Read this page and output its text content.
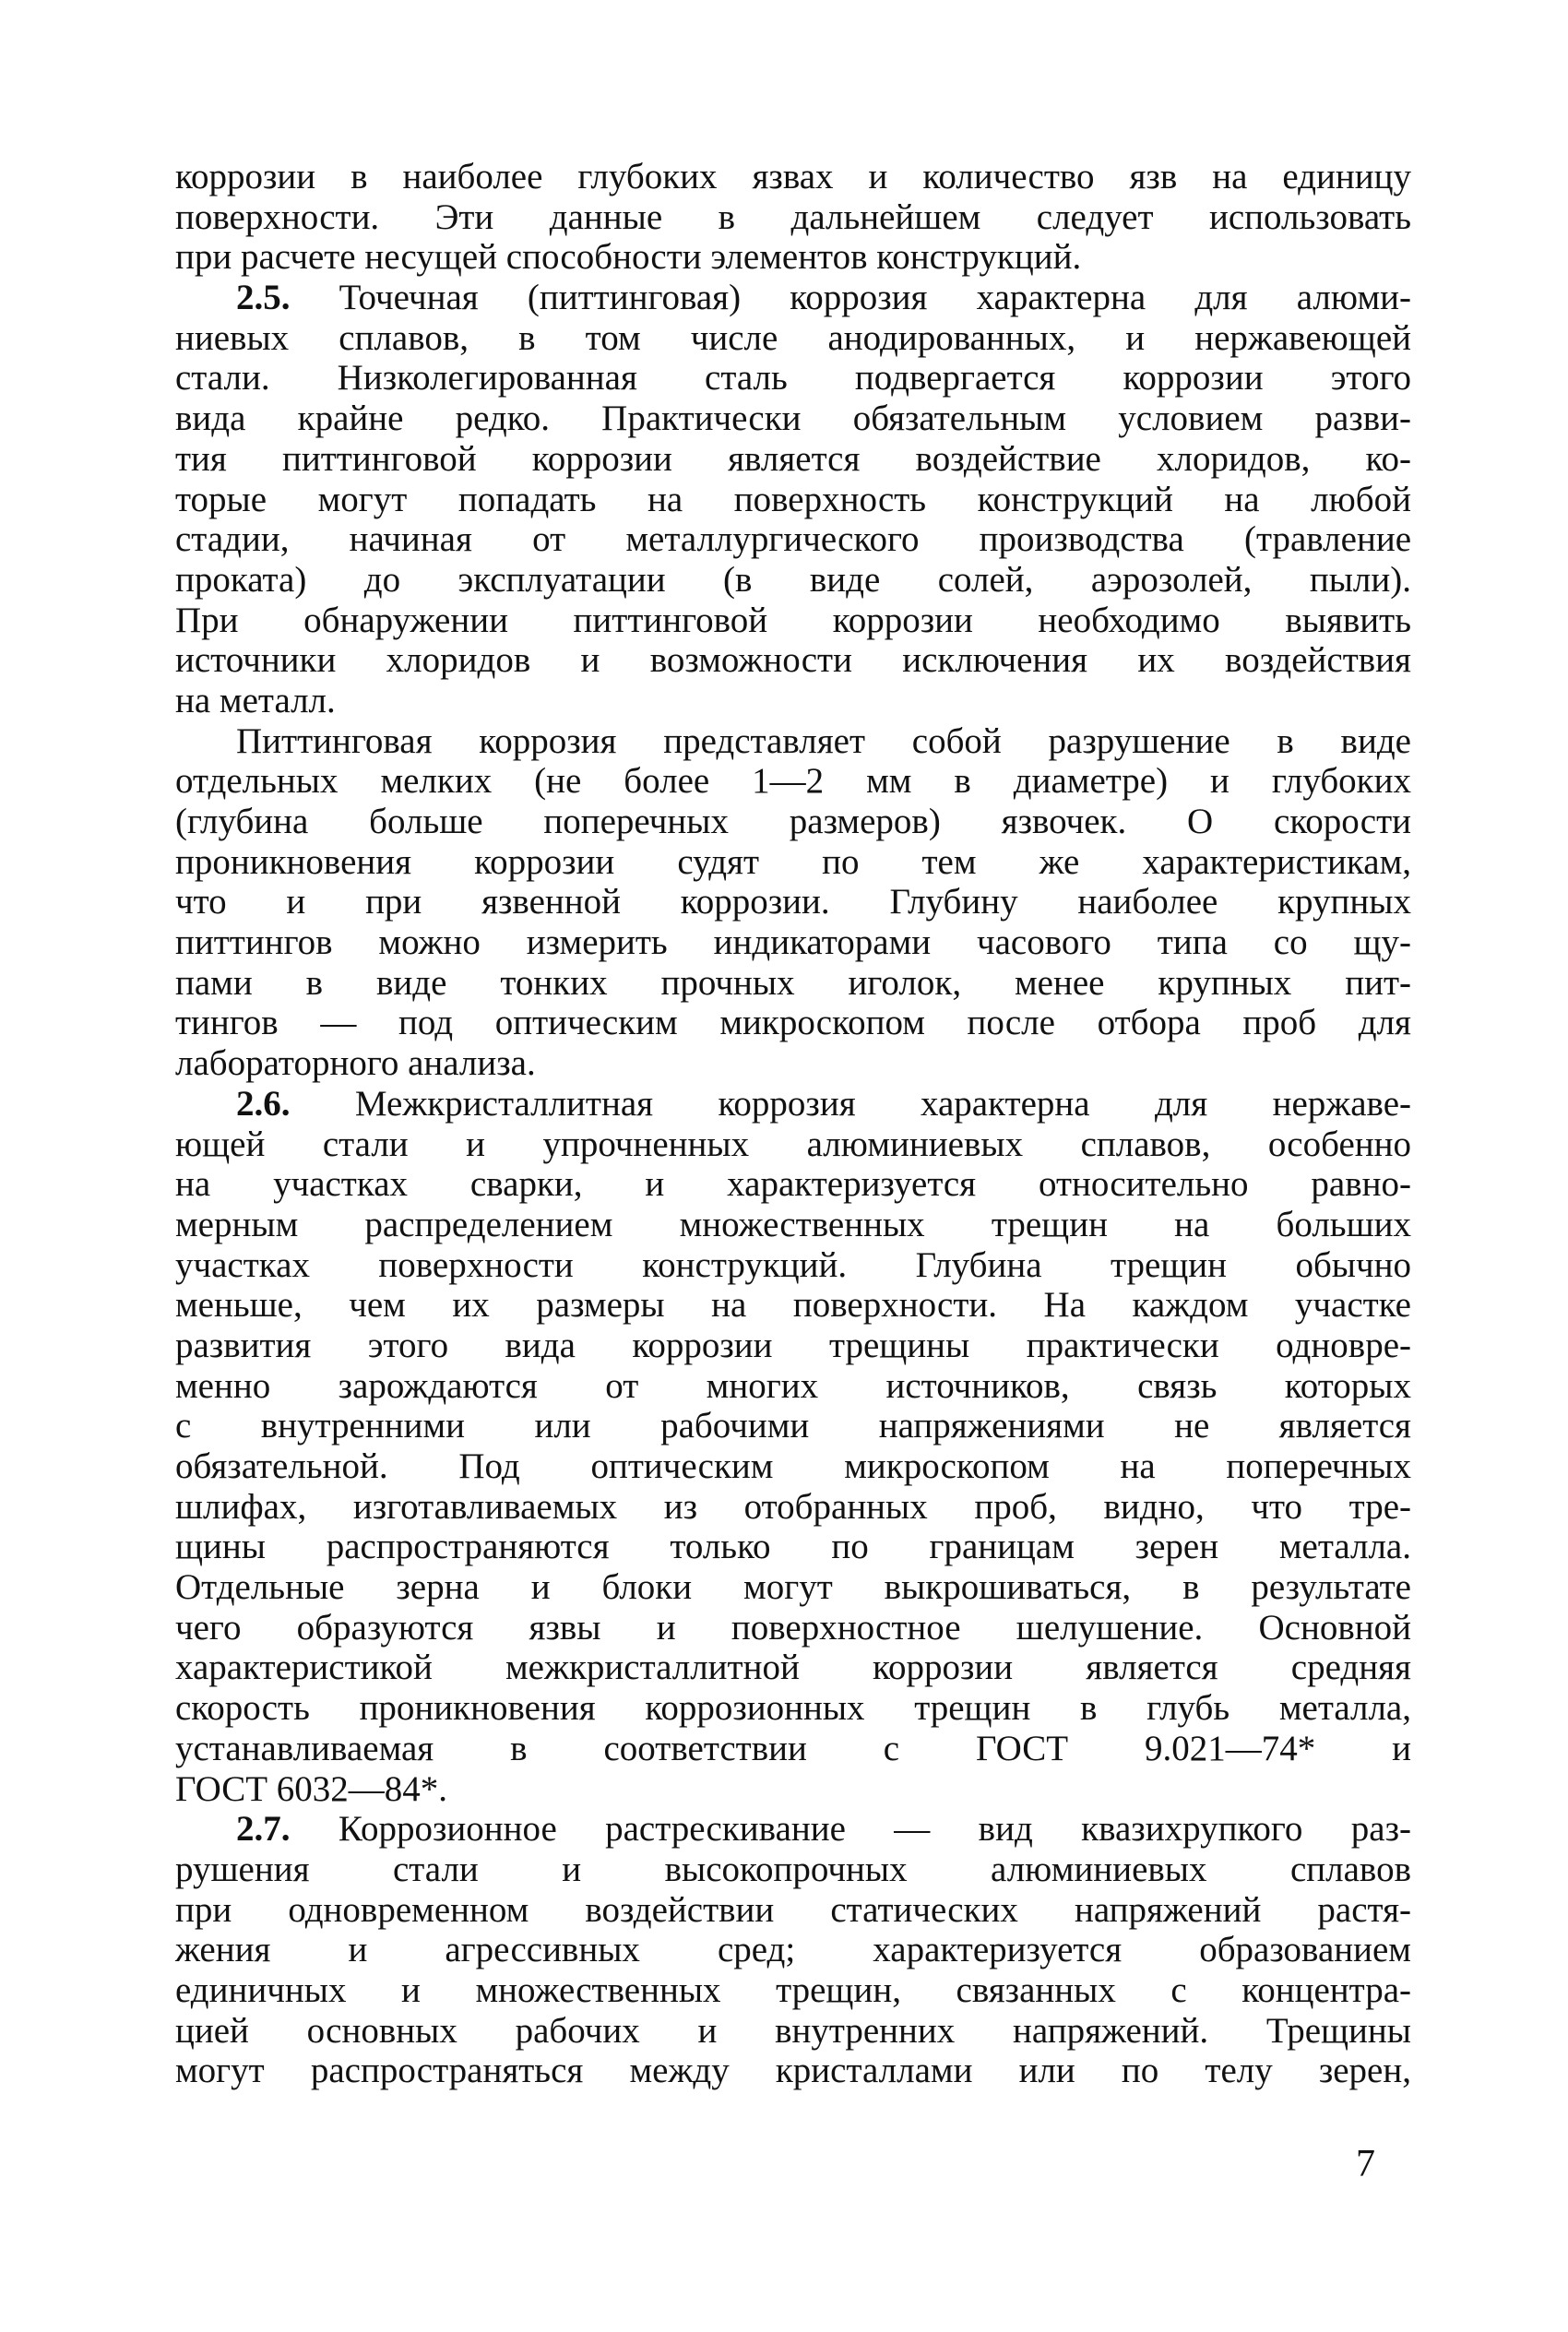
коррозии в наиболее глубоких язвах и количество язв на единицу
поверхности. Эти данные в дальнейшем следует использовать
при расчете несущей способности элементов конструкций.
2.5. Точечная (питтинговая) коррозия характерна для алюми-
ниевых сплавов, в том числе анодированных, и нержавеющей
стали. Низколегированная сталь подвергается коррозии этого
вида крайне редко. Практически обязательным условием разви-
тия питтинговой коррозии является воздействие хлоридов, ко-
торые могут попадать на поверхность конструкций на любой
стадии, начиная от металлургического производства (травление
проката) до эксплуатации (в виде солей, аэрозолей, пыли).
При обнаружении питтинговой коррозии необходимо выявить
источники хлоридов и возможности исключения их воздействия
на металл.
Питтинговая коррозия представляет собой разрушение в виде
отдельных мелких (не более 1—2 мм в диаметре) и глубоких
(глубина больше поперечных размеров) язвочек. О скорости
проникновения коррозии судят по тем же характеристикам,
что и при язвенной коррозии. Глубину наиболее крупных
питтингов можно измерить индикаторами часового типа со щу-
пами в виде тонких прочных иголок, менее крупных пит-
тингов — под оптическим микроскопом после отбора проб для
лабораторного анализа.
2.6. Межкристаллитная коррозия характерна для нержаве-
ющей стали и упрочненных алюминиевых сплавов, особенно
на участках сварки, и характеризуется относительно равно-
мерным распределением множественных трещин на больших
участках поверхности конструкций. Глубина трещин обычно
меньше, чем их размеры на поверхности. На каждом участке
развития этого вида коррозии трещины практически одновре-
менно зарождаются от многих источников, связь которых
с внутренними или рабочими напряжениями не является
обязательной. Под оптическим микроскопом на поперечных
шлифах, изготавливаемых из отобранных проб, видно, что тре-
щины распространяются только по границам зерен металла.
Отдельные зерна и блоки могут выкрошиваться, в результате
чего образуются язвы и поверхностное шелушение. Основной
характеристикой межкристаллитной коррозии является средняя
скорость проникновения коррозионных трещин в глубь металла,
устанавливаемая в соответствии с ГОСТ 9.021—74* и
ГОСТ 6032—84*.
2.7. Коррозионное растрескивание — вид квазихрупкого раз-
рушения стали и высокопрочных алюминиевых сплавов
при одновременном воздействии статических напряжений растя-
жения и агрессивных сред; характеризуется образованием
единичных и множественных трещин, связанных с концентра-
цией основных рабочих и внутренних напряжений. Трещины
могут распространяться между кристаллами или по телу зерен,
7
